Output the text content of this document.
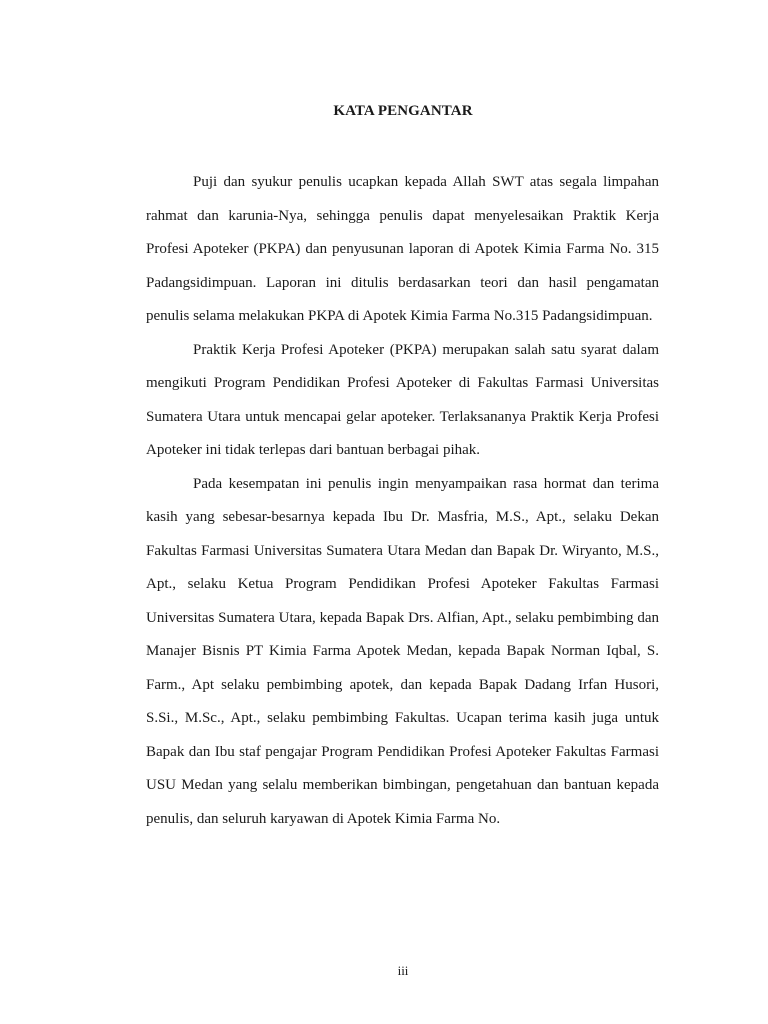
KATA PENGANTAR

Puji dan syukur penulis ucapkan kepada Allah SWT atas segala limpahan rahmat dan karunia-Nya, sehingga penulis dapat menyelesaikan Praktik Kerja Profesi Apoteker (PKPA) dan penyusunan laporan di Apotek Kimia Farma No. 315 Padangsidimpuan. Laporan ini ditulis berdasarkan teori dan hasil pengamatan penulis selama melakukan PKPA di Apotek Kimia Farma No.315 Padangsidimpuan.

Praktik Kerja Profesi Apoteker (PKPA) merupakan salah satu syarat dalam mengikuti Program Pendidikan Profesi Apoteker di Fakultas Farmasi Universitas Sumatera Utara untuk mencapai gelar apoteker. Terlaksananya Praktik Kerja Profesi Apoteker ini tidak terlepas dari bantuan berbagai pihak.

Pada kesempatan ini penulis ingin menyampaikan rasa hormat dan terima kasih yang sebesar-besarnya kepada Ibu Dr. Masfria, M.S., Apt., selaku Dekan Fakultas Farmasi Universitas Sumatera Utara Medan dan Bapak Dr. Wiryanto, M.S., Apt., selaku Ketua Program Pendidikan Profesi Apoteker Fakultas Farmasi Universitas Sumatera Utara, kepada Bapak Drs. Alfian, Apt., selaku pembimbing dan Manajer Bisnis PT Kimia Farma Apotek Medan, kepada Bapak Norman Iqbal, S. Farm., Apt selaku pembimbing apotek, dan kepada Bapak Dadang Irfan Husori, S.Si., M.Sc., Apt., selaku pembimbing Fakultas. Ucapan terima kasih juga untuk Bapak dan Ibu staf pengajar Program Pendidikan Profesi Apoteker Fakultas Farmasi USU Medan yang selalu memberikan bimbingan, pengetahuan dan bantuan kepada penulis, dan seluruh karyawan di Apotek Kimia Farma No.

iii
